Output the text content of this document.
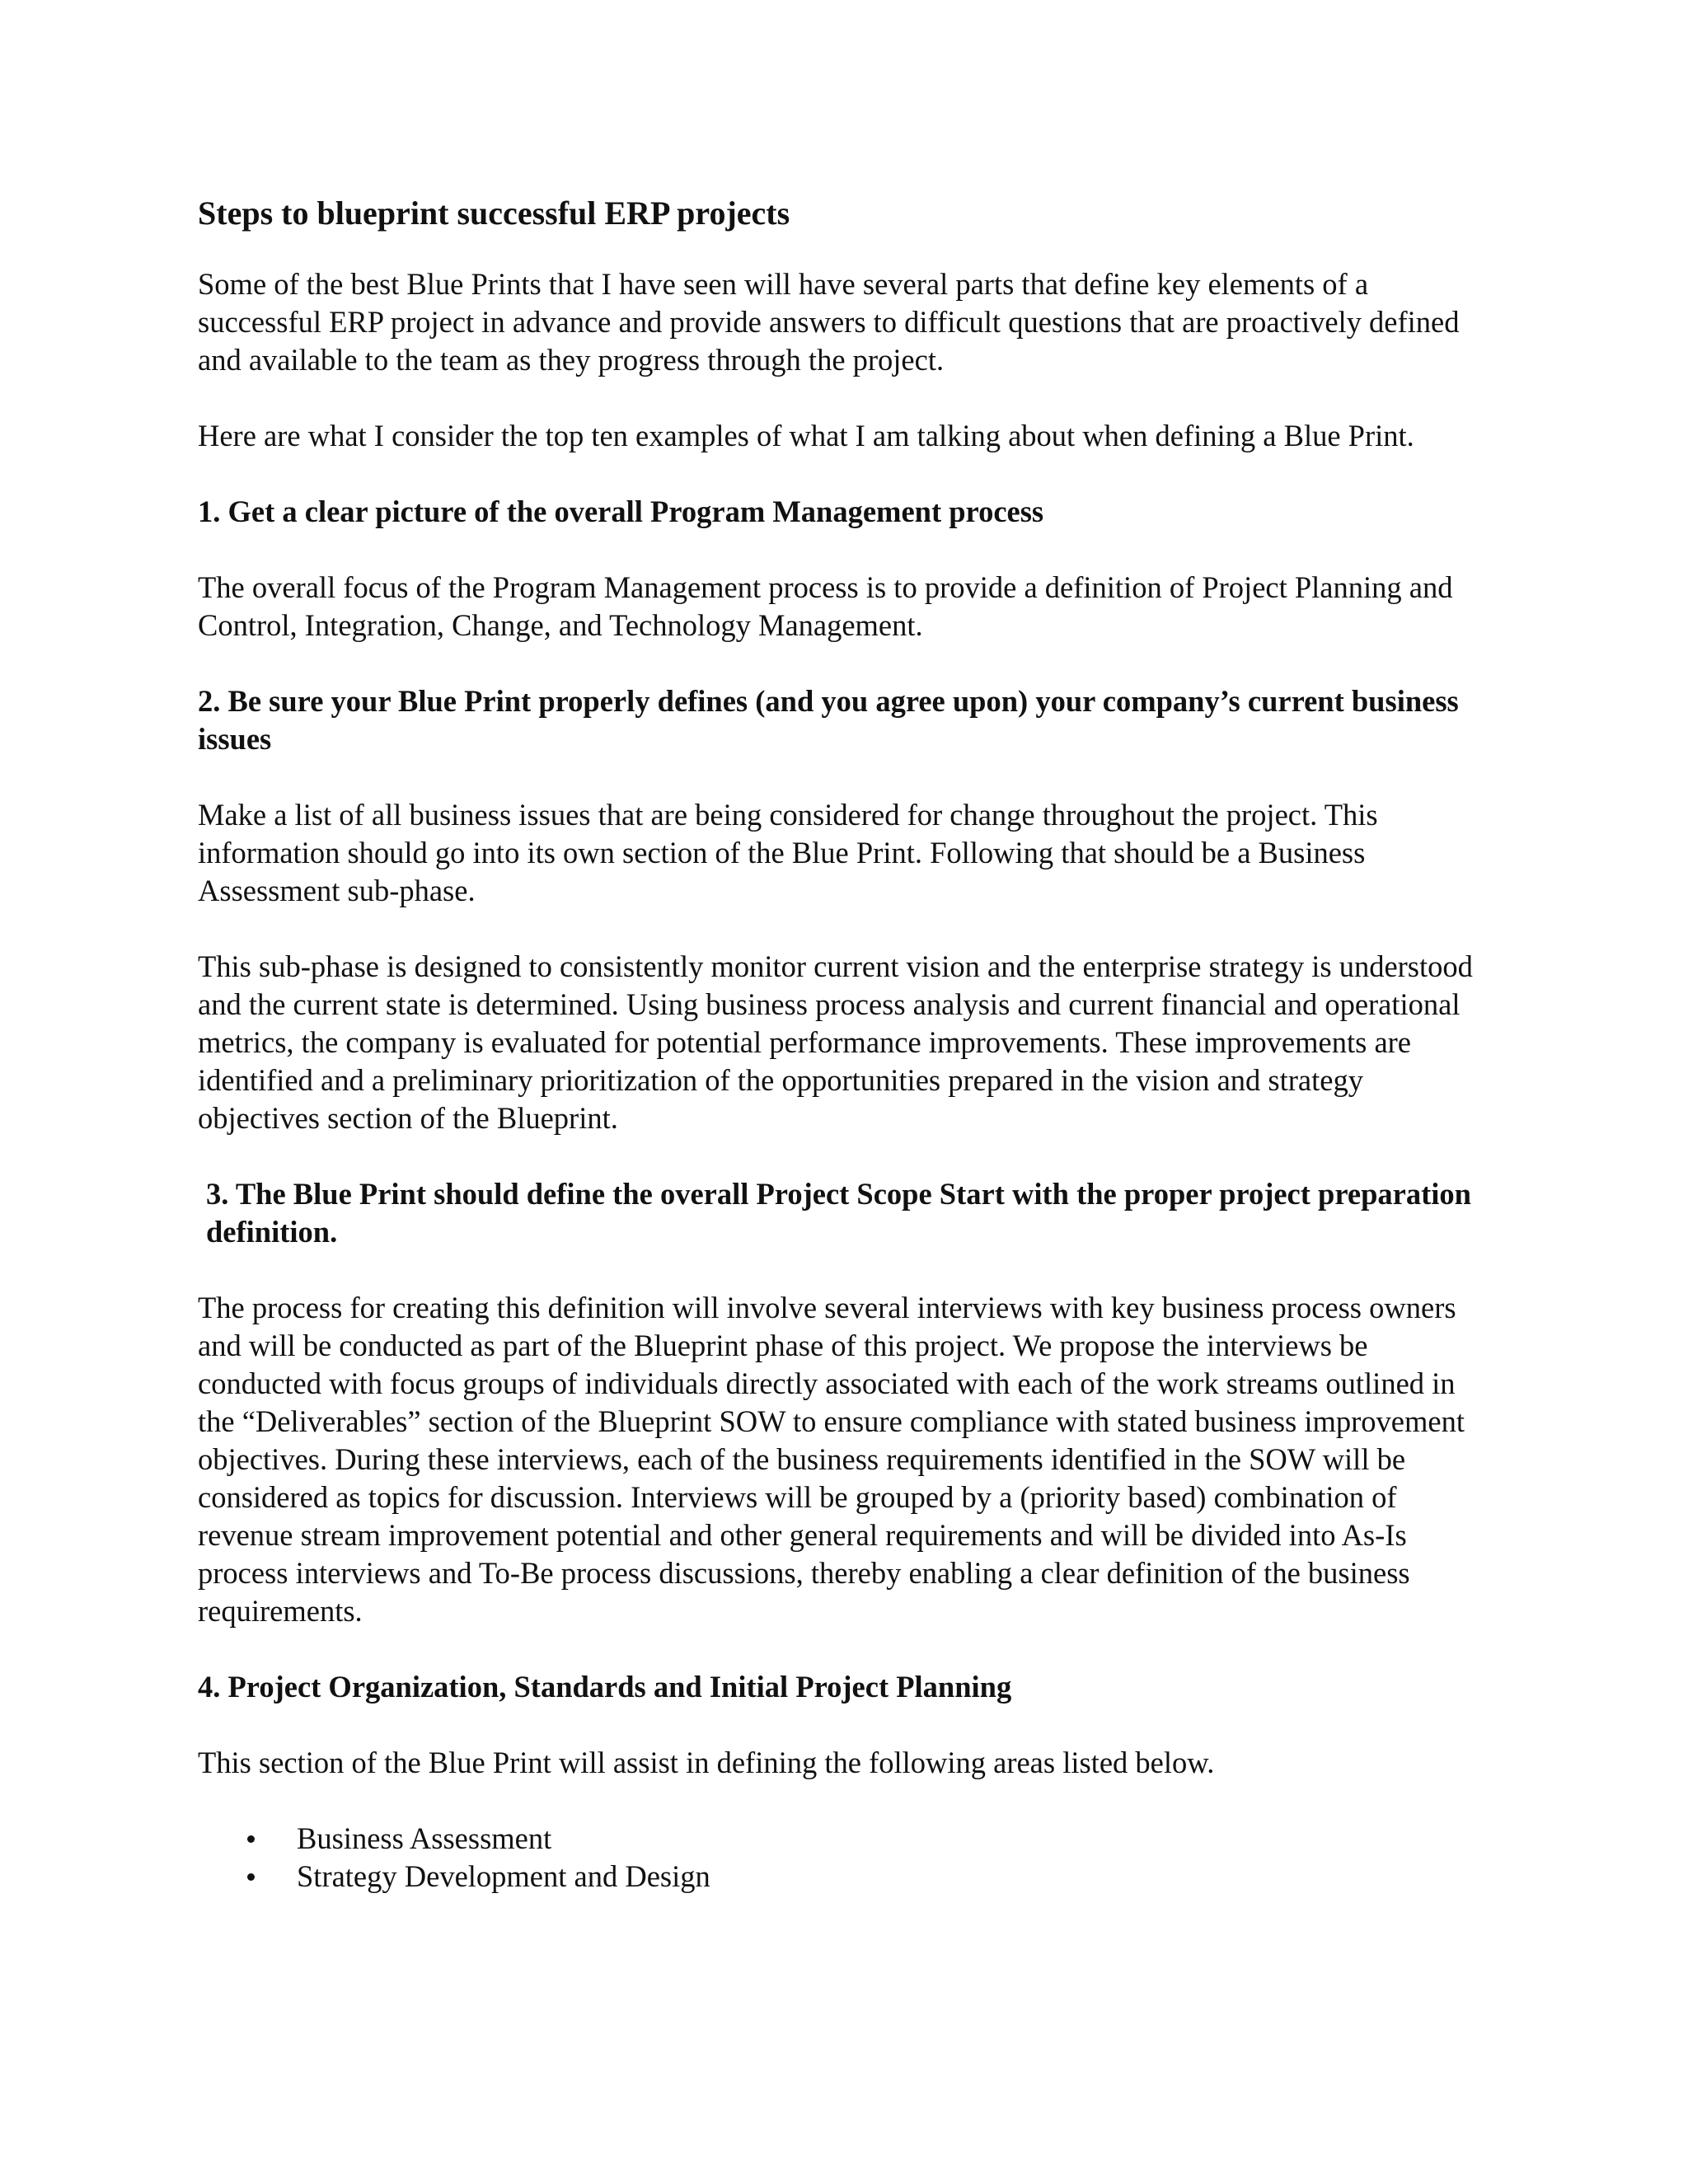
Steps to blueprint successful ERP projects

Some of the best Blue Prints that I have seen will have several parts that define key elements of a successful ERP project in advance and provide answers to difficult questions that are proactively defined and available to the team as they progress through the project.

Here are what I consider the top ten examples of what I am talking about when defining a Blue Print.

1. Get a clear picture of the overall Program Management process

The overall focus of the Program Management process is to provide a definition of Project Planning and Control, Integration, Change, and Technology Management.

2. Be sure your Blue Print properly defines (and you agree upon) your company’s current business issues

Make a list of all business issues that are being considered for change throughout the project. This information should go into its own section of the Blue Print. Following that should be a Business Assessment sub-phase.

This sub-phase is designed to consistently monitor current vision and the enterprise strategy is understood and the current state is determined. Using business process analysis and current financial and operational metrics, the company is evaluated for potential performance improvements. These improvements are identified and a preliminary prioritization of the opportunities prepared in the vision and strategy objectives section of the Blueprint.

3. The Blue Print should define the overall Project Scope Start with the proper project preparation definition.

The process for creating this definition will involve several interviews with key business process owners and will be conducted as part of the Blueprint phase of this project. We propose the interviews be conducted with focus groups of individuals directly associated with each of the work streams outlined in the “Deliverables” section of the Blueprint SOW to ensure compliance with stated business improvement objectives. During these interviews, each of the business requirements identified in the SOW will be considered as topics for discussion. Interviews will be grouped by a (priority based) combination of revenue stream improvement potential and other general requirements and will be divided into As-Is process interviews and To-Be process discussions, thereby enabling a clear definition of the business requirements.

4. Project Organization, Standards and Initial Project Planning

This section of the Blue Print will assist in defining the following areas listed below.

Business Assessment
Strategy Development and Design
